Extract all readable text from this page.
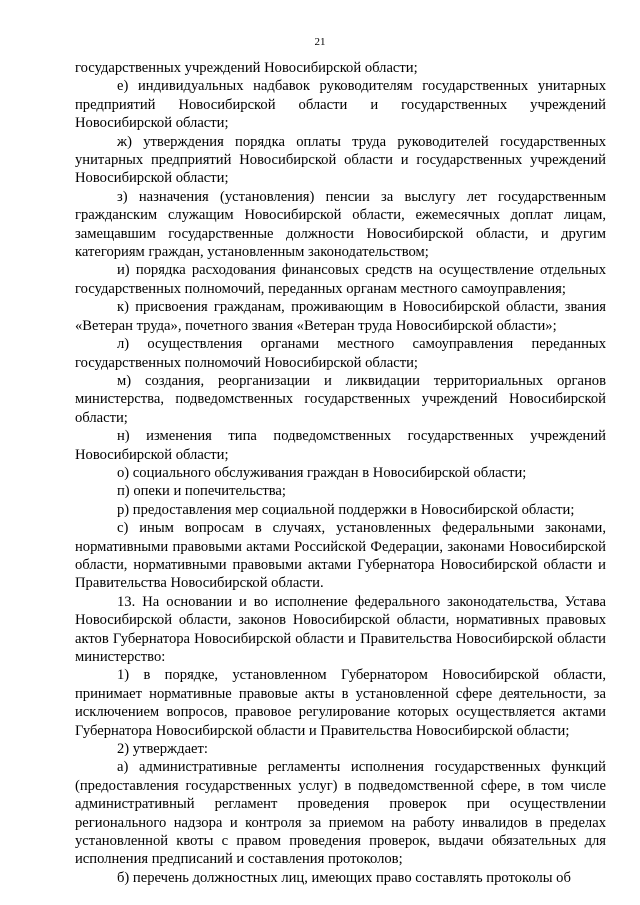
21

государственных учреждений Новосибирской области;

е) индивидуальных надбавок руководителям государственных унитарных предприятий Новосибирской области и государственных учреждений Новосибирской области;

ж) утверждения порядка оплаты труда руководителей государственных унитарных предприятий Новосибирской области и государственных учреждений Новосибирской области;

з) назначения (установления) пенсии за выслугу лет государственным гражданским служащим Новосибирской области, ежемесячных доплат лицам, замещавшим государственные должности Новосибирской области, и другим категориям граждан, установленным законодательством;

и) порядка расходования финансовых средств на осуществление отдельных государственных полномочий, переданных органам местного самоуправления;

к) присвоения гражданам, проживающим в Новосибирской области, звания «Ветеран труда», почетного звания «Ветеран труда Новосибирской области»;

л) осуществления органами местного самоуправления переданных государственных полномочий Новосибирской области;

м) создания, реорганизации и ликвидации территориальных органов министерства, подведомственных государственных учреждений Новосибирской области;

н) изменения типа подведомственных государственных учреждений Новосибирской области;

о) социального обслуживания граждан в Новосибирской области;

п) опеки и попечительства;

р) предоставления мер социальной поддержки в Новосибирской области;

с) иным вопросам в случаях, установленных федеральными законами, нормативными правовыми актами Российской Федерации, законами Новосибирской области, нормативными правовыми актами Губернатора Новосибирской области и Правительства Новосибирской области.

13. На основании и во исполнение федерального законодательства, Устава Новосибирской области, законов Новосибирской области, нормативных правовых актов Губернатора Новосибирской области и Правительства Новосибирской области министерство:

1) в порядке, установленном Губернатором Новосибирской области, принимает нормативные правовые акты в установленной сфере деятельности, за исключением вопросов, правовое регулирование которых осуществляется актами Губернатора Новосибирской области и Правительства Новосибирской области;

2) утверждает:

а) административные регламенты исполнения государственных функций (предоставления государственных услуг) в подведомственной сфере, в том числе административный регламент проведения проверок при осуществлении регионального надзора и контроля за приемом на работу инвалидов в пределах установленной квоты с правом проведения проверок, выдачи обязательных для исполнения предписаний и составления протоколов;

б) перечень должностных лиц, имеющих право составлять протоколы об
